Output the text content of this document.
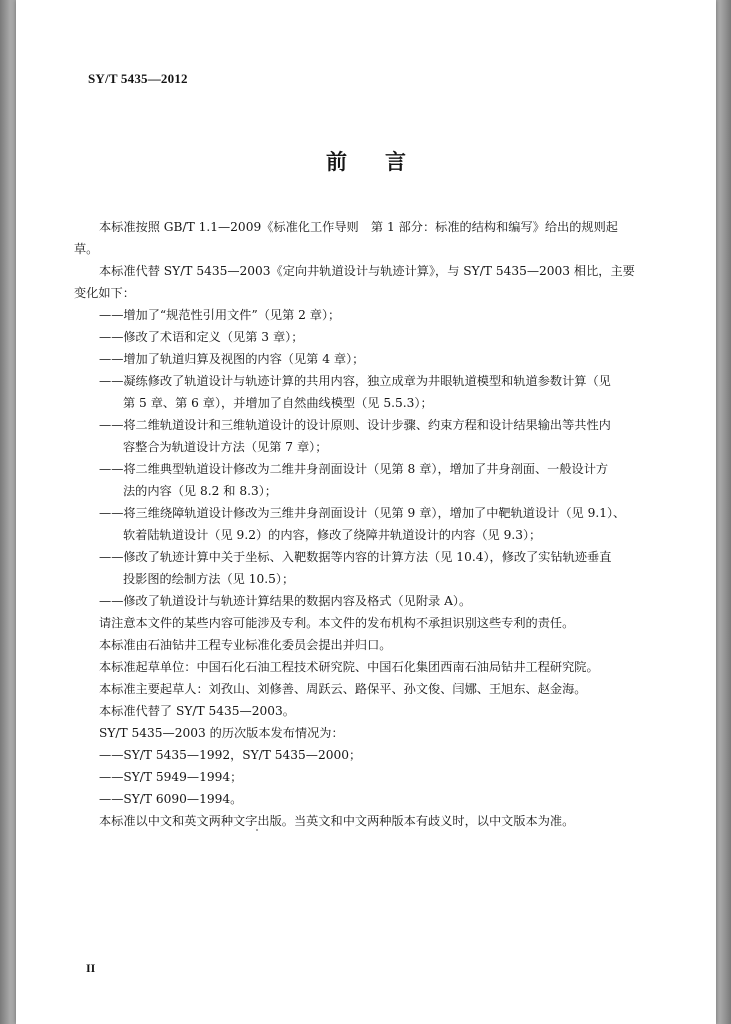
SY/T 5435—2012
前言
本标准按照 GB/T 1.1—2009《标准化工作导则　第 1 部分：标准的结构和编写》给出的规则起
草。
本标准代替 SY/T 5435—2003《定向井轨道设计与轨迹计算》，与 SY/T 5435—2003 相比，主要
变化如下：
——增加了“规范性引用文件”（见第 2 章）；
——修改了术语和定义（见第 3 章）；
——增加了轨道归算及视图的内容（见第 4 章）；
——凝练修改了轨道设计与轨迹计算的共用内容，独立成章为井眼轨道模型和轨道参数计算（见
第 5 章、第 6 章），并增加了自然曲线模型（见 5.5.3）；
——将二维轨道设计和三维轨道设计的设计原则、设计步骤、约束方程和设计结果输出等共性内
容整合为轨道设计方法（见第 7 章）；
——将二维典型轨道设计修改为二维井身剖面设计（见第 8 章），增加了井身剖面、一般设计方
法的内容（见 8.2 和 8.3）；
——将三维绕障轨道设计修改为三维井身剖面设计（见第 9 章），增加了中靶轨道设计（见 9.1）、
软着陆轨道设计（见 9.2）的内容，修改了绕障井轨道设计的内容（见 9.3）；
——修改了轨迹计算中关于坐标、入靶数据等内容的计算方法（见 10.4），修改了实钻轨迹垂直
投影图的绘制方法（见 10.5）；
——修改了轨道设计与轨迹计算结果的数据内容及格式（见附录 A）。
请注意本文件的某些内容可能涉及专利。本文件的发布机构不承担识别这些专利的责任。
本标准由石油钻井工程专业标准化委员会提出并归口。
本标准起草单位：中国石化石油工程技术研究院、中国石化集团西南石油局钻井工程研究院。
本标准主要起草人：刘孜山、刘修善、周跃云、路保平、孙文俊、闫娜、王旭东、赵金海。
本标准代替了 SY/T 5435—2003。
SY/T 5435—2003 的历次版本发布情况为：
——SY/T 5435—1992，SY/T 5435—2000；
——SY/T 5949—1994；
——SY/T 6090—1994。
本标准以中文和英文两种文字出版。当英文和中文两种版本有歧义时，以中文版本为准。
II
